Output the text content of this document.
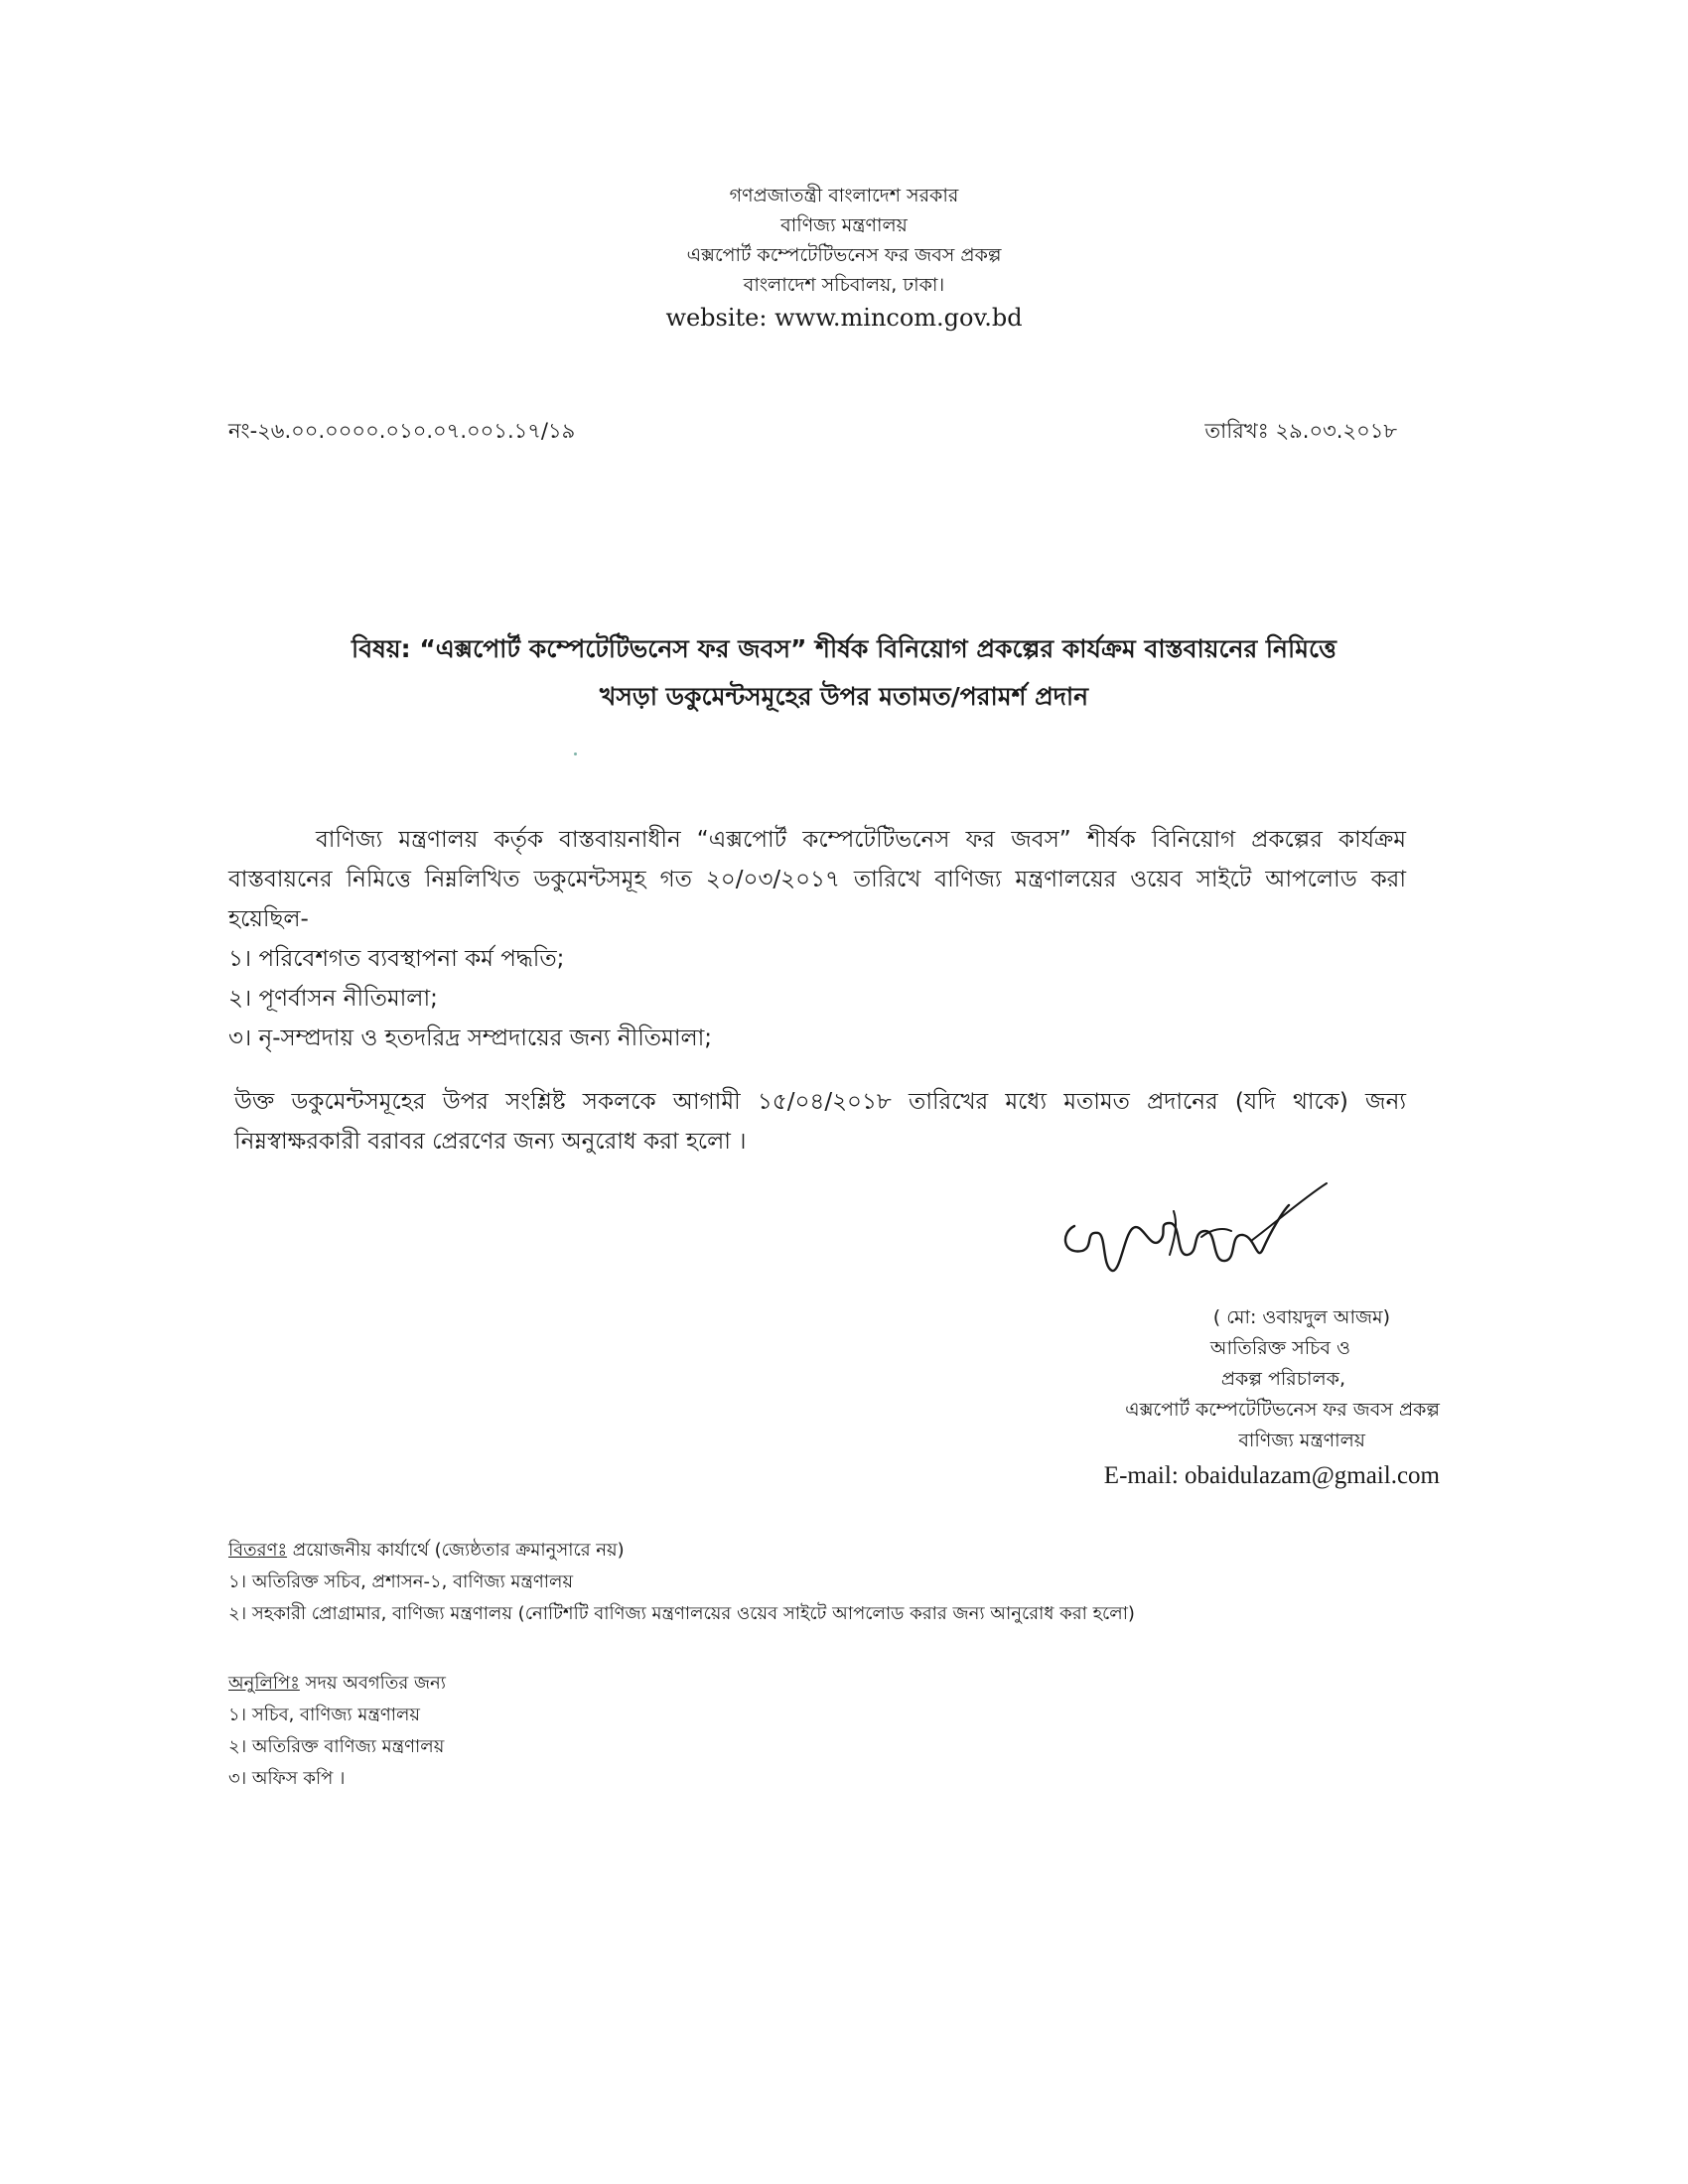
গণপ্রজাতন্ত্রী বাংলাদেশ সরকার
বাণিজ্য মন্ত্রণালয়
এক্সপোর্ট কম্পেটেটিভনেস ফর জবস প্রকল্প
বাংলাদেশ সচিবালয়, ঢাকা।
website: www.mincom.gov.bd
নং-২৬.০০.০০০০.০১০.০৭.০০১.১৭/১৯	তারিখঃ ২৯.০৩.২০১৮
বিষয়: “এক্সপোর্ট কম্পেটেটিভনেস ফর জবস” শীর্ষক বিনিয়োগ প্রকল্পের কার্যক্রম বাস্তবায়নের নিমিত্তে
খসড়া ডকুমেন্টসমূহের উপর মতামত/পরামর্শ প্রদান
বাণিজ্য মন্ত্রণালয় কর্তৃক বাস্তবায়নাধীন “এক্সপোর্ট কম্পেটেটিভনেস ফর জবস” শীর্ষক বিনিয়োগ প্রকল্পের কার্যক্রম বাস্তবায়নের নিমিত্তে নিম্নলিখিত ডকুমেন্টসমূহ গত ২০/০৩/২০১৭ তারিখে বাণিজ্য মন্ত্রণালয়ের ওয়েব সাইটে আপলোড করা হয়েছিল-
১। পরিবেশগত ব্যবস্থাপনা কর্ম পদ্ধতি;
২। পূণর্বাসন নীতিমালা;
৩। নৃ-সম্প্রদায় ও হতদরিদ্র সম্প্রদায়ের জন্য নীতিমালা;
উক্ত ডকুমেন্টসমূহের উপর সংশ্লিষ্ট সকলকে আগামী ১৫/০৪/২০১৮ তারিখের মধ্যে মতামত প্রদানের (যদি থাকে) জন্য নিম্নস্বাক্ষরকারী বরাবর প্রেরণের জন্য অনুরোধ করা হলো ।
( মো: ওবায়দুল আজম)
আতিরিক্ত সচিব ও
প্রকল্প পরিচালক,
এক্সপোর্ট কম্পেটেটিভনেস ফর জবস প্রকল্প
বাণিজ্য মন্ত্রণালয়
E-mail: obaidulazam@gmail.com
বিতরণঃ প্রয়োজনীয় কার্যার্থে (জ্যেষ্ঠতার ক্রমানুসারে নয়)
১। অতিরিক্ত সচিব, প্রশাসন-১, বাণিজ্য মন্ত্রণালয়
২। সহকারী প্রোগ্রামার, বাণিজ্য মন্ত্রণালয় (নোটিশটি বাণিজ্য মন্ত্রণালয়ের ওয়েব সাইটে আপলোড করার জন্য আনুরোধ করা হলো)
অনুলিপিঃ সদয় অবগতির জন্য
১। সচিব, বাণিজ্য মন্ত্রণালয়
২। অতিরিক্ত বাণিজ্য মন্ত্রণালয়
৩। অফিস কপি ।
